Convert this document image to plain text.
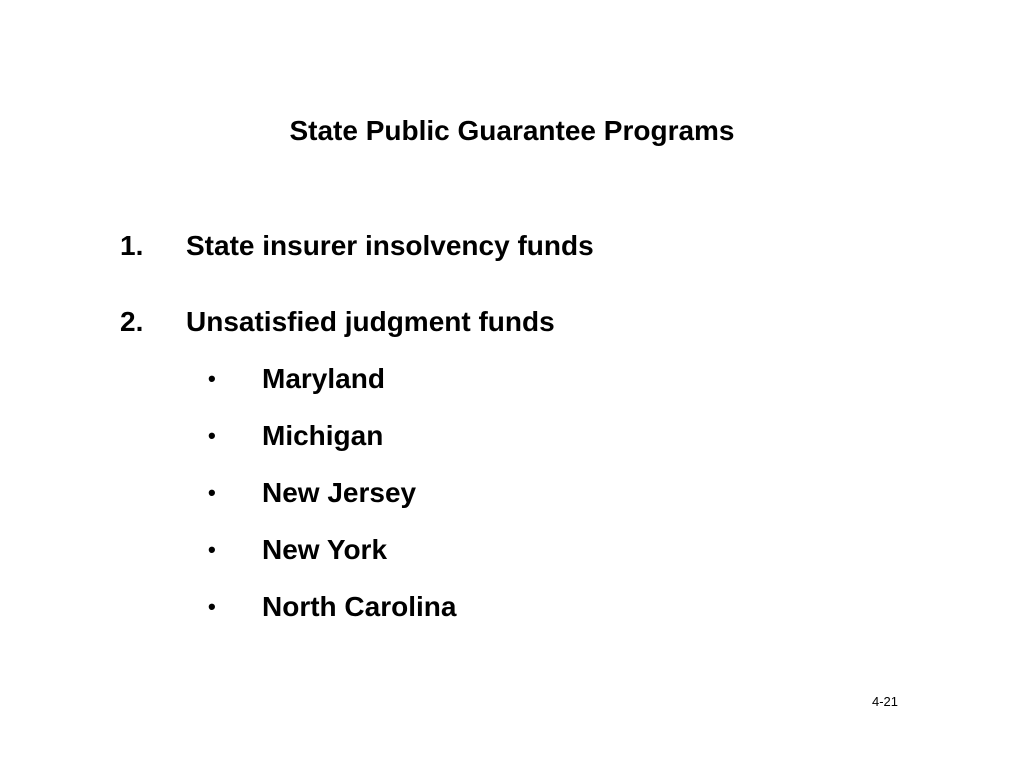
State Public Guarantee Programs
1. State insurer insolvency funds
2. Unsatisfied judgment funds
• Maryland
• Michigan
• New Jersey
• New York
• North Carolina
4-21
